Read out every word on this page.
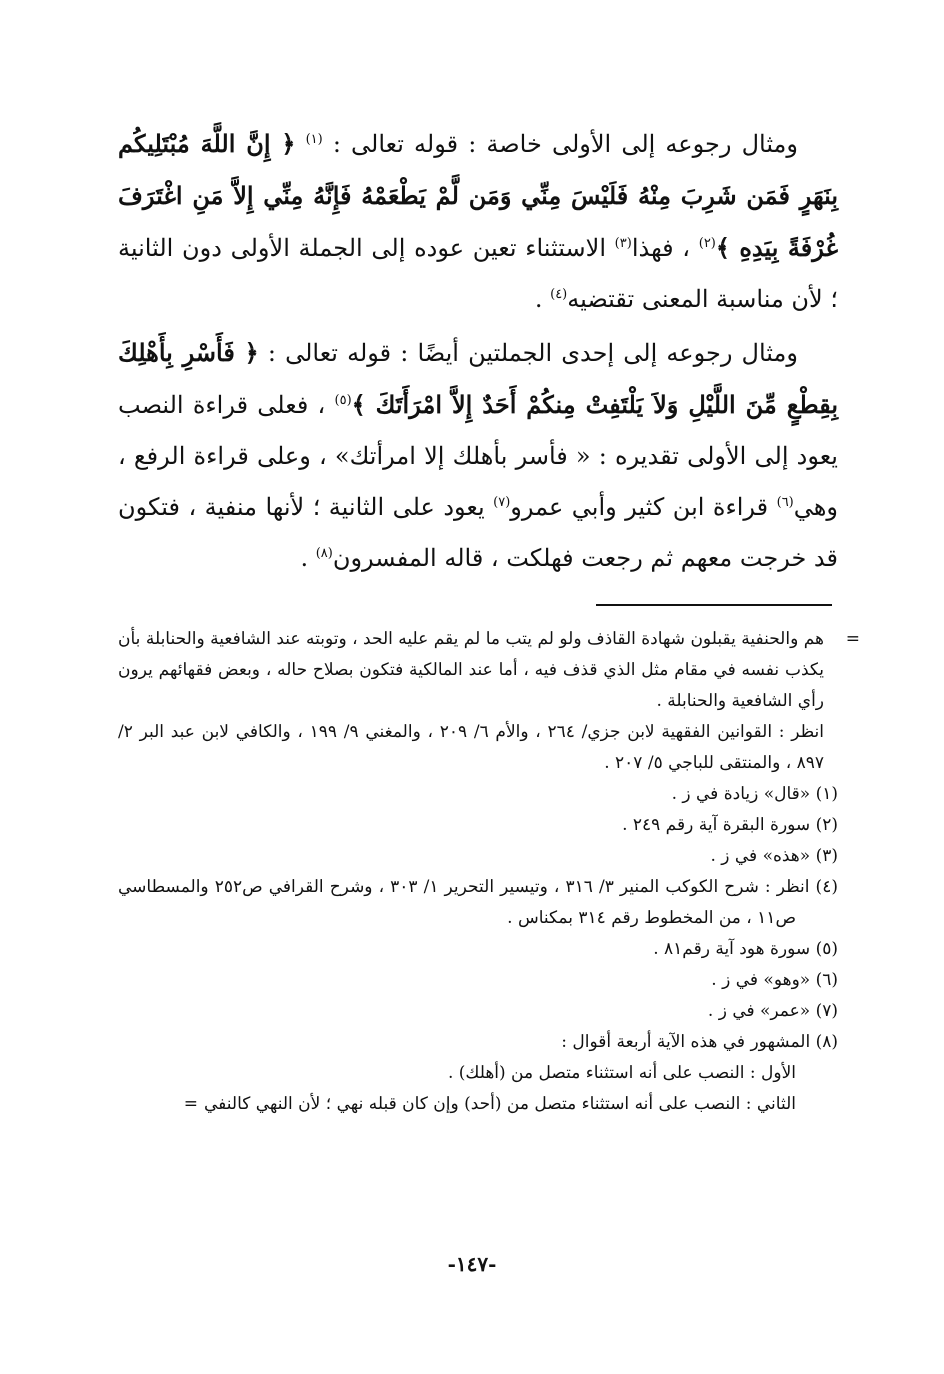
ومثال رجوعه إلى الأولى خاصة : قوله تعالى : $^{(١)}$ ﴿ إِنَّ اللَّهَ مُبْتَلِيكُم بِنَهَرٍ فَمَن شَرِبَ مِنْهُ فَلَيْسَ مِنِّي وَمَن لَّمْ يَطْعَمْهُ فَإِنَّهُ مِنِّي إِلاَّ مَنِ اغْتَرَفَ غُرْفَةً بِيَدِهِ ﴾$^{(٢)}$ ، فهذا$^{(٣)}$ الاستثناء تعين عوده إلى الجملة الأولى دون الثانية ؛ لأن مناسبة المعنى تقتضيه$^{(٤)}$ .

ومثال رجوعه إلى إحدى الجملتين أيضًا : قوله تعالى : ﴿ فَأَسْرِ بِأَهْلِكَ بِقِطْعٍ مِّنَ اللَّيْلِ وَلاَ يَلْتَفِتْ مِنكُمْ أَحَدٌ إِلاَّ امْرَأَتَكَ ﴾$^{(٥)}$ ، فعلى قراءة النصب يعود إلى الأولى تقديره : « فأسر بأهلك إلا امرأتك» ، وعلى قراءة الرفع ، وهي$^{(٦)}$ قراءة ابن كثير وأبي عمرو$^{(٧)}$ يعود على الثانية ؛ لأنها منفية ، فتكون قد خرجت معهم ثم رجعت فهلكت ، قاله المفسرون$^{(٨)}$ .

=
هم والحنفية يقبلون شهادة القاذف ولو لم يتب ما لم يقم عليه الحد ، وتوبته عند الشافعية والحنابلة بأن يكذب نفسه في مقام مثل الذي قذف فيه ، أما عند المالكية فتكون بصلاح حاله ، وبعض فقهائهم يرون رأي الشافعية والحنابلة .
انظر : القوانين الفقهية لابن جزي/ ٢٦٤ ، والأم ٦/ ٢٠٩ ، والمغني ٩/ ١٩٩ ، والكافي لابن عبد البر ٢/ ٨٩٧ ، والمنتقى للباجي ٥/ ٢٠٧ .

(١) «قال» زيادة في ز .

(٢) سورة البقرة آية رقم ٢٤٩ .

(٣) «هذه» في ز .

(٤) انظر : شرح الكوكب المنير ٣/ ٣١٦ ، وتيسير التحرير ١/ ٣٠٣ ، وشرح القرافي ص٢٥٢ والمسطاسي ص١١ ، من المخطوط رقم ٣١٤ بمكناس .

(٥) سورة هود آية رقم٨١ .

(٦) «وهو» في ز .

(٧) «عمر» في ز .

(٨) المشهور في هذه الآية أربعة أقوال :

الأول : النصب على أنه استثناء متصل من (أهلك) .

الثاني : النصب على أنه استثناء متصل من (أحد) وإن كان قبله نهي ؛ لأن النهي كالنفي=

-١٤٧-
